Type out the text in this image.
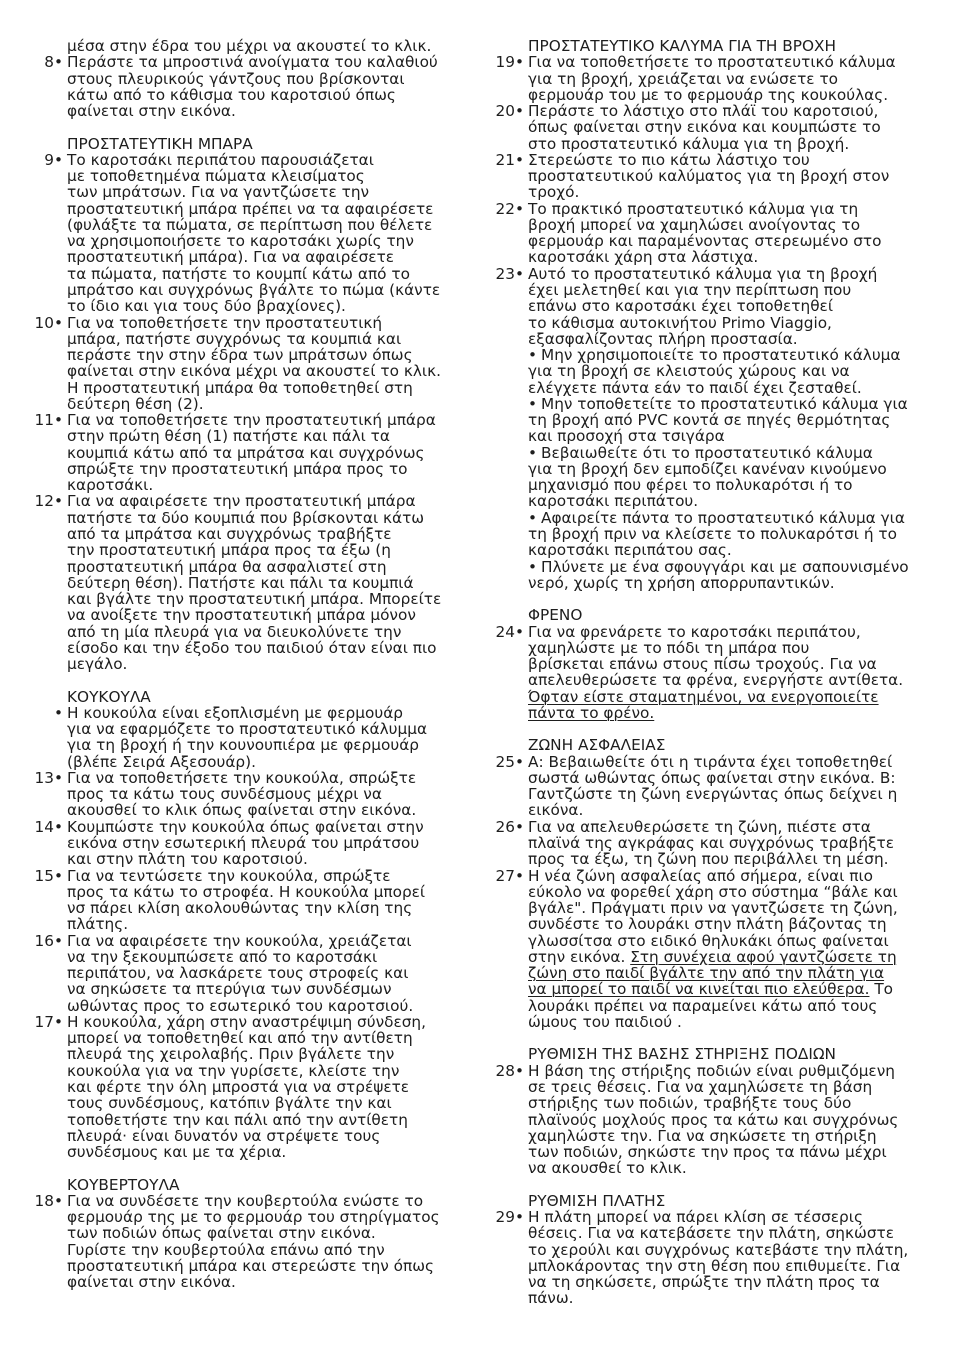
μέσα στην έδρα του μέχρι να ακουστεί το κλικ.
8• Περάστε τα μπροστινά ανοίγματα του καλαθιού
στους πλευρικούς γάντζους που βρίσκονται
κάτω από το κάθισμα του καροτσιού όπως
φαίνεται στην εικόνα.
ΠΡΟΣΤΑΤΕΥΤΙΚΗ ΜΠΑΡΑ
9• Το καροτσάκι περιπάτου παρουσιάζεται
με τοποθετημένα πώματα κλεισίματος
των μπράτσων. Για να γαντζώσετε την
προστατευτική μπάρα πρέπει να τα αφαιρέσετε
(φυλάξτε τα πώματα, σε περίπτωση που θέλετε
να χρησιμοποιήσετε το καροτσάκι χωρίς την
προστατευτική μπάρα). Για να αφαιρέσετε
τα πώματα, πατήστε το κουμπί κάτω από το
μπράτσο και συγχρόνως βγάλτε το πώμα (κάντε
το ίδιο και για τους δύο βραχίονες).
10• Για να τοποθετήσετε την προστατευτική
μπάρα, πατήστε συγχρόνως τα κουμπιά και
περάστε την στην έδρα των μπράτσων όπως
φαίνεται στην εικόνα μέχρι να ακουστεί το κλικ.
Η προστατευτική μπάρα θα τοποθετηθεί στη
δεύτερη θέση (2).
11• Για να τοποθετήσετε την προστατευτική μπάρα
στην πρώτη θέση (1) πατήστε και πάλι τα
κουμπιά κάτω από τα μπράτσα και συγχρόνως
σπρώξτε την προστατευτική μπάρα προς το
καροτσάκι.
12• Για να αφαιρέσετε την προστατευτική μπάρα
πατήστε τα δύο κουμπιά που βρίσκονται κάτω
από τα μπράτσα και συγχρόνως τραβήξτε
την προστατευτική μπάρα προς τα έξω (η
προστατευτική μπάρα θα ασφαλιστεί στη
δεύτερη θέση). Πατήστε και πάλι τα κουμπιά
και βγάλτε την προστατευτική μπάρα. Μπορείτε
να ανοίξετε την προστατευτική μπάρα μόνον
από τη μία πλευρά για να διευκολύνετε την
είσοδο και την έξοδο του παιδιού όταν είναι πιο
μεγάλο.
ΚΟΥΚΟΥΛΑ
• Η κουκούλα είναι εξοπλισμένη με φερμουάρ
για να εφαρμόζετε το προστατευτικό κάλυμμα
για τη βροχή ή την κουνουπιέρα με φερμουάρ
(βλέπε Σειρά Αξεσουάρ).
13• Για να τοποθετήσετε την κουκούλα, σπρώξτε
προς τα κάτω τους συνδέσμους μέχρι να
ακουσθεί το κλικ όπως φαίνεται στην εικόνα.
14• Κουμπώστε την κουκούλα όπως φαίνεται στην
εικόνα στην εσωτερική πλευρά του μπράτσου
και στην πλάτη του καροτσιού.
15• Για να τεντώσετε την κουκούλα, σπρώξτε
προς τα κάτω το στροφέα. Η κουκούλα μπορεί
νσ πάρει κλίση ακολουθώντας την κλίση της
πλάτης.
16• Για να αφαιρέσετε την κουκούλα, χρειάζεται
να την ξεκουμπώσετε από το καροτσάκι
περιπάτου, να λασκάρετε τους στροφείς και
να σηκώσετε τα πτερύγια των συνδέσμων
ωθώντας προς το εσωτερικό του καροτσιού.
17• Η κουκούλα, χάρη στην αναστρέψιμη σύνδεση,
μπορεί να τοποθετηθεί και από την αντίθετη
πλευρά της χειρολαβής. Πριν βγάλετε την
κουκούλα για να την γυρίσετε, κλείστε την
και φέρτε την όλη μπροστά για να στρέψετε
τους συνδέσμους, κατόπιν βγάλτε την και
τοποθετήστε την και πάλι από την αντίθετη
πλευρά· είναι δυνατόν να στρέψετε τους
συνδέσμους και με τα χέρια.
ΚΟΥΒΕΡΤΟΥΛΑ
18• Για να συνδέσετε την κουβερτούλα ενώστε το
φερμουάρ της με το φερμουάρ του στηρίγματος
των ποδιών όπως φαίνεται στην εικόνα.
Γυρίστε την κουβερτούλα επάνω από την
προστατευτική μπάρα και στερεώστε την όπως
φαίνεται στην εικόνα.
ΠΡΟΣΤΑΤΕΥΤΙΚΟ ΚΑΛΥΜΑ ΓΙΑ ΤΗ ΒΡΟΧΗ
19• Για να τοποθετήσετε το προστατευτικό κάλυμα
για τη βροχή, χρειάζεται να ενώσετε το
φερμουάρ του με το φερμουάρ της κουκούλας.
20• Περάστε το λάστιχο στο πλάϊ του καροτσιού,
όπως φαίνεται στην εικόνα και κουμπώστε το
στο προστατευτικό κάλυμα για τη βροχή.
21• Στερεώστε το πιο κάτω λάστιχο του
προστατευτικού καλύματος για τη βροχή στον
τροχό.
22• Το πρακτικό προστατευτικό κάλυμα για τη
βροχή μπορεί να χαμηλώσει ανοίγοντας το
φερμουάρ και παραμένοντας στερεωμένο στο
καροτσάκι χάρη στα λάστιχα.
23• Αυτό το προστατευτικό κάλυμα για τη βροχή
έχει μελετηθεί και για την περίπτωση που
επάνω στο καροτσάκι έχει τοποθετηθεί
το κάθισμα αυτοκινήτου Primo Viaggio,
εξασφαλίζοντας πλήρη προστασία.
• Μην χρησιμοποιείτε το προστατευτικό κάλυμα
για τη βροχή σε κλειστούς χώρους και να
ελέγχετε πάντα εάν το παιδί έχει ζεσταθεί.
• Μην τοποθετείτε το προστατευτικό κάλυμα για
τη βροχή από PVC κοντά σε πηγές θερμότητας
και προσοχή στα τσιγάρα
• Βεβαιωθείτε ότι το προστατευτικό κάλυμα
για τη βροχή δεν εμποδίζει κανέναν κινούμενο
μηχανισμό που φέρει το πολυκαρότσι ή το
καροτσάκι περιπάτου.
• Αφαιρείτε πάντα το προστατευτικό κάλυμα για
τη βροχή πριν να κλείσετε το πολυκαρότσι ή το
καροτσάκι περιπάτου σας.
• Πλύνετε με ένα σφουγγάρι και με σαπουνισμένο
νερό, χωρίς τη χρήση απορρυπαντικών.
ΦΡΕΝΟ
24• Για να φρενάρετε το καροτσάκι περιπάτου,
χαμηλώστε με το πόδι τη μπάρα που
βρίσκεται επάνω στους πίσω τροχούς. Για να
απελευθερώσετε τα φρένα, ενεργήστε αντίθετα.
Όφταν είστε σταματημένοι, να ενεργοποιείτε
πάντα το φρένο.
ΖΩΝΗ ΑΣΦΑΛΕΙΑΣ
25• Α: Βεβαιωθείτε ότι η τιράντα έχει τοποθετηθεί
σωστά ωθώντας όπως φαίνεται στην εικόνα. Β:
Γαντζώστε τη ζώνη ενεργώντας όπως δείχνει η
εικόνα.
26• Για να απελευθερώσετε τη ζώνη, πιέστε στα
πλαϊνά της αγκράφας και συγχρόνως τραβήξτε
προς τα έξω, τη ζώνη που περιβάλλει τη μέση.
27• Η νέα ζώνη ασφαλείας από σήμερα, είναι πιο
εύκολο να φορεθεί χάρη στο σύστημα “βάλε και
βγάλε". Πράγματι πριν να γαντζώσετε τη ζώνη,
συνδέστε το λουράκι στην πλάτη βάζοντας τη
γλωσσίτσα στο ειδικό θηλυκάκι όπως φαίνεται
στην εικόνα. Στη συνέχεια αφού γαντζώσετε τη
ζώνη στο παιδί βγάλτε την από την πλάτη για
να μπορεί το παιδί να κινείται πιο ελεύθερα. Το
λουράκι πρέπει να παραμείνει κάτω από τους
ώμους του παιδιού .
ΡΥΘΜΙΣΗ ΤΗΣ ΒΑΣΗΣ ΣΤΗΡΙΞΗΣ ΠΟΔΙΩΝ
28• Η βάση της στήριξης ποδιών είναι ρυθμιζόμενη
σε τρεις θέσεις. Για να χαμηλώσετε τη βάση
στήριξης των ποδιών, τραβήξτε τους δύο
πλαϊνούς μοχλούς προς τα κάτω και συγχρόνως
χαμηλώστε την. Για να σηκώσετε τη στήριξη
των ποδιών, σηκώστε την προς τα πάνω μέχρι
να ακουσθεί το κλικ.
ΡΥΘΜΙΣΗ ΠΛΑΤΗΣ
29• Η πλάτη μπορεί να πάρει κλίση σε τέσσερις
θέσεις. Για να κατεβάσετε την πλάτη, σηκώστε
το χερούλι και συγχρόνως κατεβάστε την πλάτη,
μπλοκάροντας την στη θέση που επιθυμείτε. Για
να τη σηκώσετε, σπρώξτε την πλάτη προς τα
πάνω.
